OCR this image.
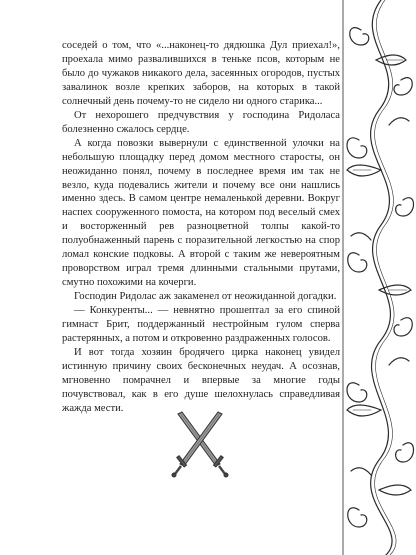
соседей о том, что «...наконец-то дядюшка Дул приехал!», проехала мимо развалившихся в теньке псов, которым не было до чужаков никакого дела, засеянных огородов, пустых завалинок возле крепких заборов, на которых в такой солнечный день почему-то не сидело ни одного старика...

От нехорошего предчувствия у господина Ридоласа болезненно сжалось сердце.

А когда повозки вывернули с единственной улочки на небольшую площадку перед домом местного старосты, он неожиданно понял, почему в последнее время им так не везло, куда подевались жители и почему все они нашлись именно здесь. В самом центре немаленькой деревни. Вокруг наспех сооруженного помоста, на котором под веселый смех и восторженный рев разноцветной толпы какой-то полуобнаженный парень с поразительной легкостью на спор ломал конские подковы. А второй с таким же невероятным проворством играл тремя длинными стальными прутами, смутно похожими на кочерги.

Господин Ридолас аж закаменел от неожиданной догадки.

— Конкуренты... — невнятно прошептал за его спиной гимнаст Брит, поддержанный нестройным гулом сперва растерянных, а потом и откровенно раздраженных голосов.

И вот тогда хозяин бродячего цирка наконец увидел истинную причину своих бесконечных неудач. А осознав, мгновенно помрачнел и впервые за многие годы почувствовал, как в его душе шелохнулась справедливая жажда мести.
